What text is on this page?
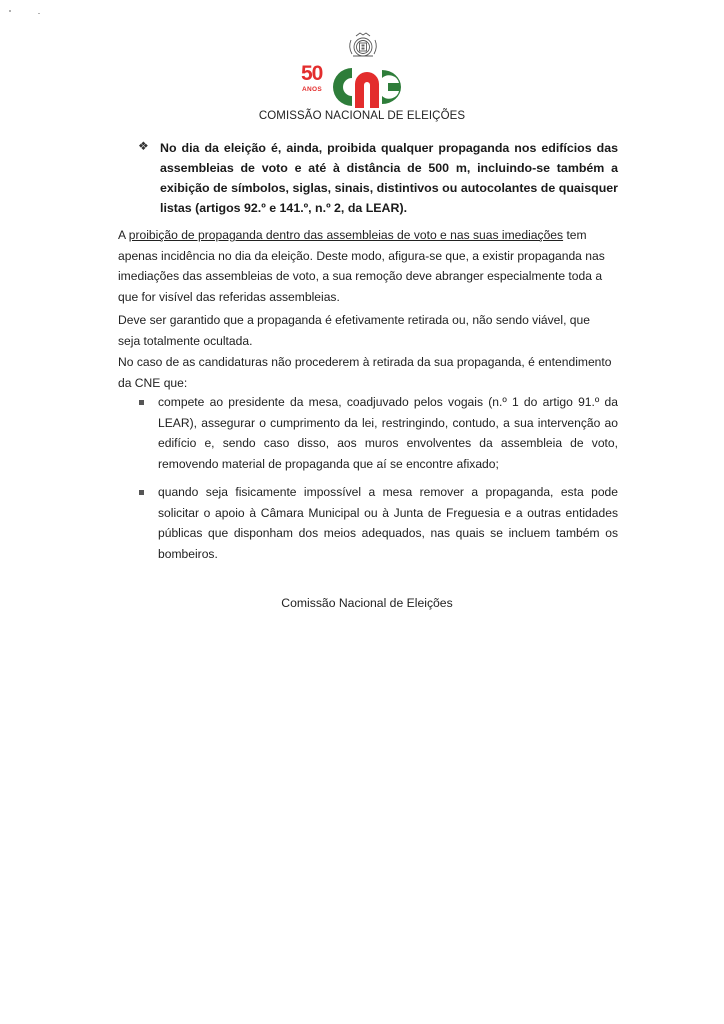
50
ANOS
COMISSÃO NACIONAL DE ELEIÇÕES
❖ No dia da eleição é, ainda, proibida qualquer propaganda nos edifícios das assembleias de voto e até à distância de 500 m, incluindo-se também a exibição de símbolos, siglas, sinais, distintivos ou autocolantes de quaisquer listas (artigos 92.º e 141.º, n.º 2, da LEAR).
A proibição de propaganda dentro das assembleias de voto e nas suas imediações tem apenas incidência no dia da eleição. Deste modo, afigura-se que, a existir propaganda nas imediações das assembleias de voto, a sua remoção deve abranger especialmente toda a que for visível das referidas assembleias.
Deve ser garantido que a propaganda é efetivamente retirada ou, não sendo viável, que seja totalmente ocultada.
No caso de as candidaturas não procederem à retirada da sua propaganda, é entendimento da CNE que:
compete ao presidente da mesa, coadjuvado pelos vogais (n.º 1 do artigo 91.º da LEAR), assegurar o cumprimento da lei, restringindo, contudo, a sua intervenção ao edifício e, sendo caso disso, aos muros envolventes da assembleia de voto, removendo material de propaganda que aí se encontre afixado;
quando seja fisicamente impossível a mesa remover a propaganda, esta pode solicitar o apoio à Câmara Municipal ou à Junta de Freguesia e a outras entidades públicas que disponham dos meios adequados, nas quais se incluem também os bombeiros.
Comissão Nacional de Eleições
